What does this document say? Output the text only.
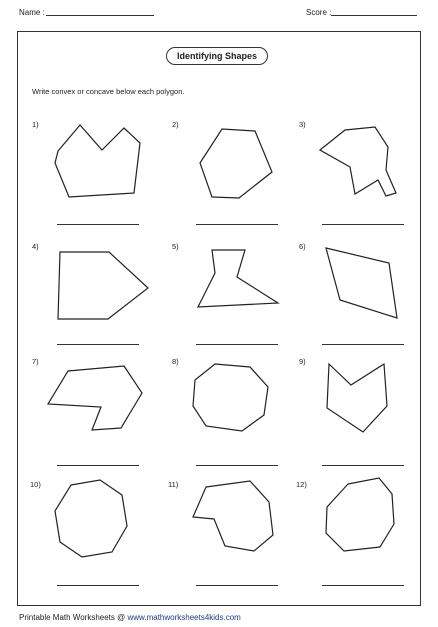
Name :	Score :
Identifying Shapes
Write convex or concave below each polygon.
1)	2)	3)
4)	5)	6)
7)	8)	9)
10)	11)	12)
Printable Math Worksheets @ www.mathworksheets4kids.com
